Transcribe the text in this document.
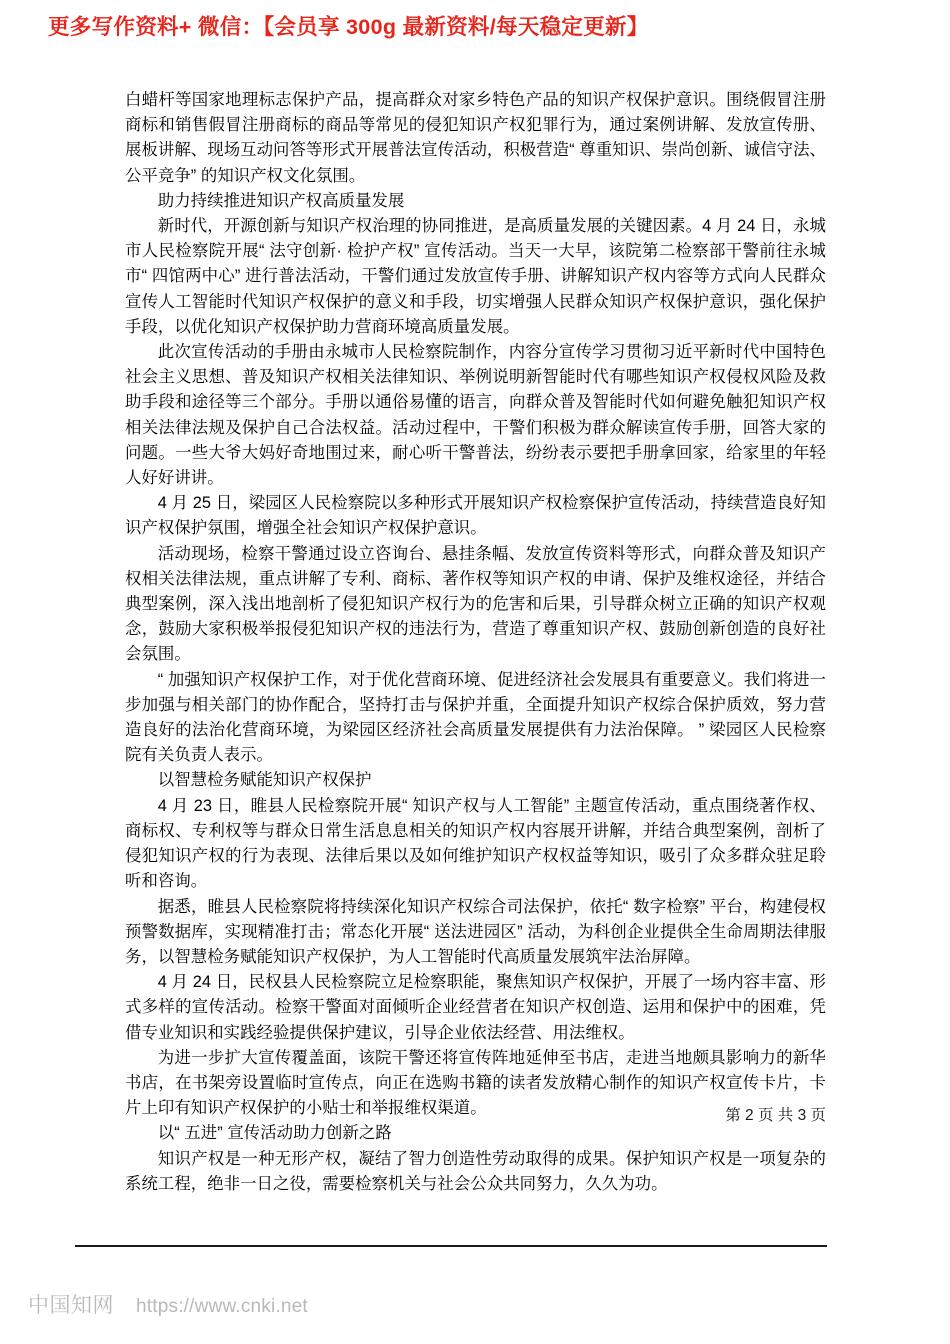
更多写作资料+ 微信：【会员享 300g 最新资料/每天稳定更新】

白蜡杆等国家地理标志保护产品，提高群众对家乡特色产品的知识产权保护意识。围绕假冒注册商标和销售假冒注册商标的商品等常见的侵犯知识产权犯罪行为，通过案例讲解、发放宣传册、展板讲解、现场互动问答等形式开展普法宣传活动，积极营造“ 尊重知识、崇尚创新、诚信守法、公平竞争” 的知识产权文化氛围。

助力持续推进知识产权高质量发展

新时代，开源创新与知识产权治理的协同推进，是高质量发展的关键因素。4 月 24 日，永城市人民检察院开展“ 法守创新· 检护产权” 宣传活动。当天一大早，该院第二检察部干警前往永城市“ 四馆两中心” 进行普法活动，干警们通过发放宣传手册、讲解知识产权内容等方式向人民群众宣传人工智能时代知识产权保护的意义和手段，切实增强人民群众知识产权保护意识，强化保护手段，以优化知识产权保护助力营商环境高质量发展。

此次宣传活动的手册由永城市人民检察院制作，内容分宣传学习贯彻习近平新时代中国特色社会主义思想、普及知识产权相关法律知识、举例说明新智能时代有哪些知识产权侵权风险及救助手段和途径等三个部分。手册以通俗易懂的语言，向群众普及智能时代如何避免触犯知识产权相关法律法规及保护自己合法权益。活动过程中，干警们积极为群众解读宣传手册，回答大家的问题。一些大爷大妈好奇地围过来，耐心听干警普法，纷纷表示要把手册拿回家，给家里的年轻人好好讲讲。

4 月 25 日，梁园区人民检察院以多种形式开展知识产权检察保护宣传活动，持续营造良好知识产权保护氛围，增强全社会知识产权保护意识。

活动现场，检察干警通过设立咨询台、悬挂条幅、发放宣传资料等形式，向群众普及知识产权相关法律法规，重点讲解了专利、商标、著作权等知识产权的申请、保护及维权途径，并结合典型案例，深入浅出地剖析了侵犯知识产权行为的危害和后果，引导群众树立正确的知识产权观念，鼓励大家积极举报侵犯知识产权的违法行为，营造了尊重知识产权、鼓励创新创造的良好社会氛围。

“ 加强知识产权保护工作，对于优化营商环境、促进经济社会发展具有重要意义。我们将进一步加强与相关部门的协作配合，坚持打击与保护并重，全面提升知识产权综合保护质效，努力营造良好的法治化营商环境，为梁园区经济社会高质量发展提供有力法治保障。 ” 梁园区人民检察院有关负责人表示。

以智慧检务赋能知识产权保护

4 月 23 日，睢县人民检察院开展“ 知识产权与人工智能” 主题宣传活动，重点围绕著作权、商标权、专利权等与群众日常生活息息相关的知识产权内容展开讲解，并结合典型案例，剖析了侵犯知识产权的行为表现、法律后果以及如何维护知识产权权益等知识，吸引了众多群众驻足聆听和咨询。

据悉，睢县人民检察院将持续深化知识产权综合司法保护，依托“ 数字检察” 平台，构建侵权预警数据库，实现精准打击；常态化开展“ 送法进园区” 活动，为科创企业提供全生命周期法律服务，以智慧检务赋能知识产权保护，为人工智能时代高质量发展筑牢法治屏障。

4 月 24 日，民权县人民检察院立足检察职能，聚焦知识产权保护，开展了一场内容丰富、形式多样的宣传活动。检察干警面对面倾听企业经营者在知识产权创造、运用和保护中的困难，凭借专业知识和实践经验提供保护建议，引导企业依法经营、用法维权。

为进一步扩大宣传覆盖面，该院干警还将宣传阵地延伸至书店，走进当地颇具影响力的新华书店，在书架旁设置临时宣传点，向正在选购书籍的读者发放精心制作的知识产权宣传卡片，卡片上印有知识产权保护的小贴士和举报维权渠道。

以“ 五进” 宣传活动助力创新之路

知识产权是一种无形产权，凝结了智力创造性劳动取得的成果。保护知识产权是一项复杂的系统工程，绝非一日之役，需要检察机关与社会公众共同努力，久久为功。

第 2 页 共 3 页
中国知网 https://www.cnki.net
